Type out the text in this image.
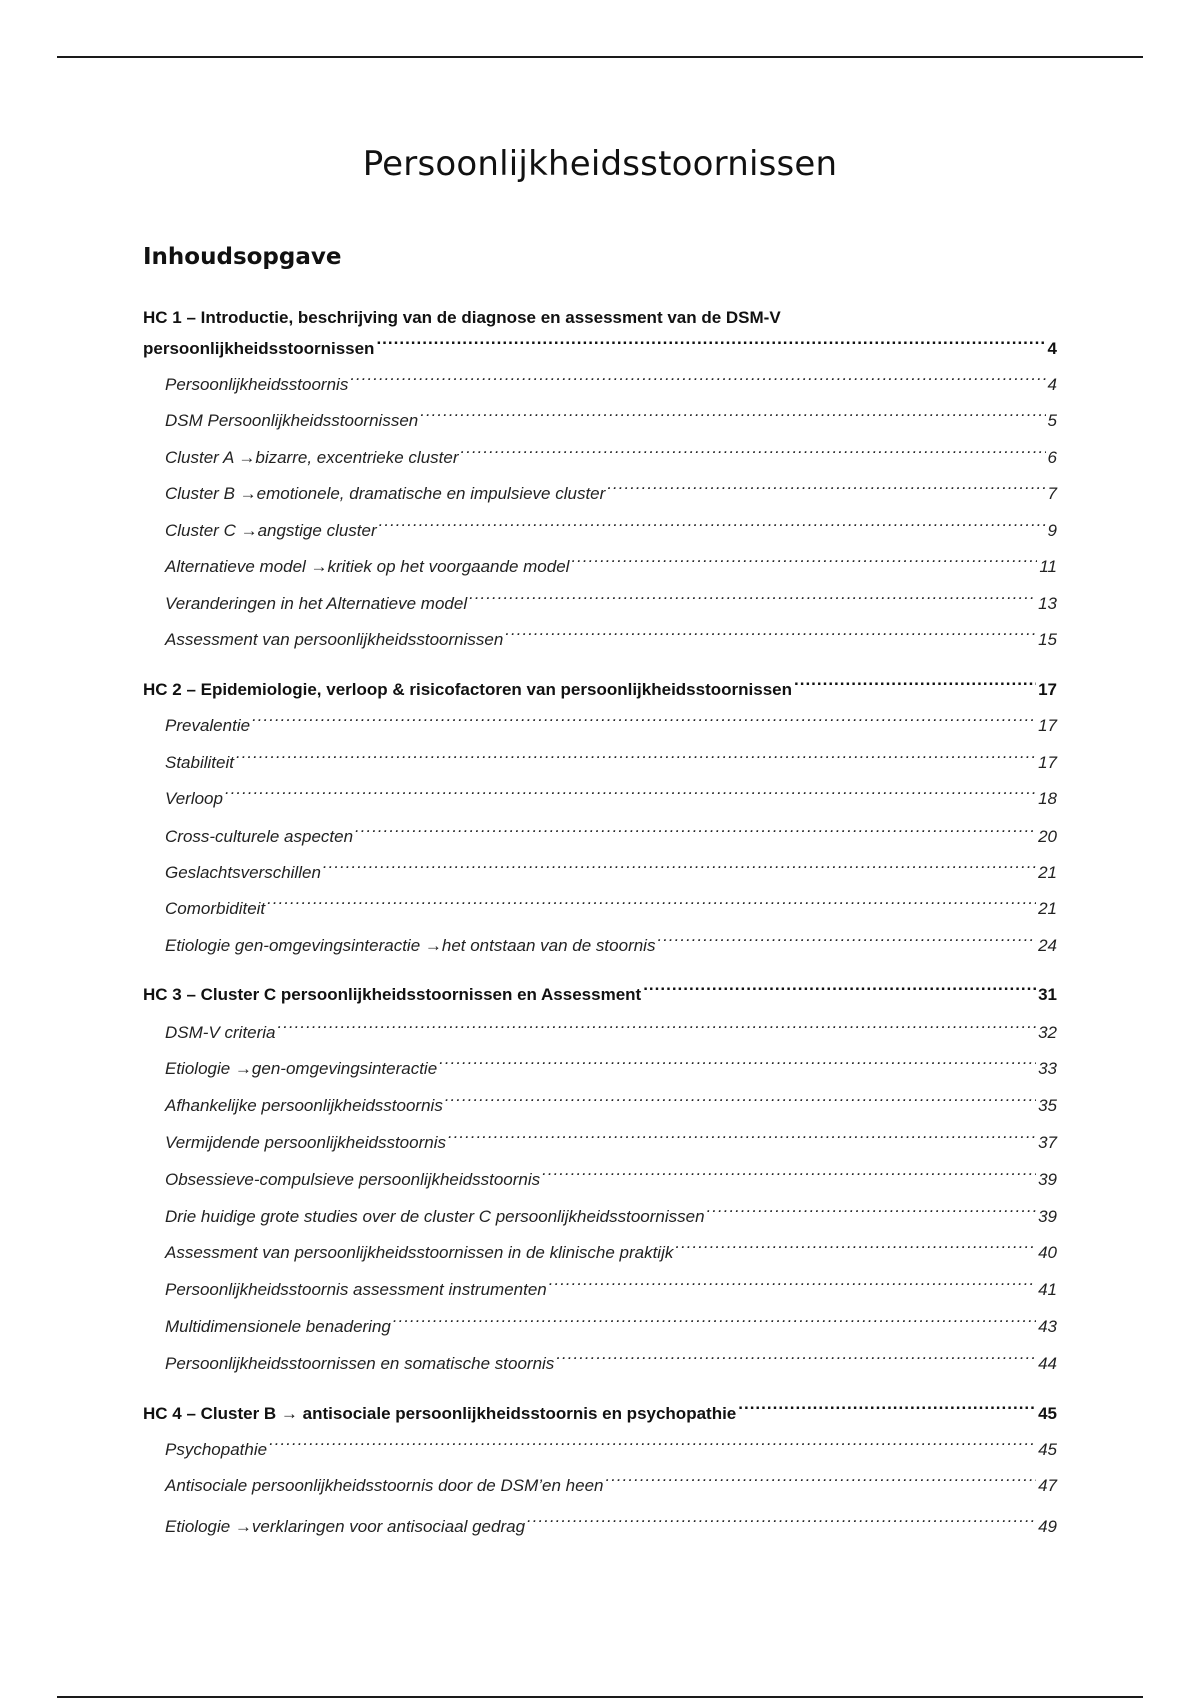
Persoonlijkheidsstoornissen
Inhoudsopgave
HC 1 – Introductie, beschrijving van de diagnose en assessment van de DSM-V
persoonlijkheidsstoornissen .....	4
Persoonlijkheidsstoornis .....	4
DSM Persoonlijkheidsstoornissen .....	5
Cluster A →bizarre, excentrieke cluster .....	6
Cluster B →emotionele, dramatische en impulsieve cluster .....	7
Cluster C →angstige cluster .....	9
Alternatieve model →kritiek op het voorgaande model .....	11
Veranderingen in het Alternatieve model .....	13
Assessment van persoonlijkheidsstoornissen .....	15
HC 2 – Epidemiologie, verloop & risicofactoren van persoonlijkheidsstoornissen .....	17
Prevalentie .....	17
Stabiliteit .....	17
Verloop .....	18
Cross-culturele aspecten .....	20
Geslachtsverschillen .....	21
Comorbiditeit .....	21
Etiologie gen-omgevingsinteractie →het ontstaan van de stoornis .....	24
HC 3 – Cluster C persoonlijkheidsstoornissen en Assessment .....	31
DSM-V criteria .....	32
Etiologie →gen-omgevingsinteractie .....	33
Afhankelijke persoonlijkheidsstoornis .....	35
Vermijdende persoonlijkheidsstoornis .....	37
Obsessieve-compulsieve persoonlijkheidsstoornis .....	39
Drie huidige grote studies over de cluster C persoonlijkheidsstoornissen .....	39
Assessment van persoonlijkheidsstoornissen in de klinische praktijk .....	40
Persoonlijkheidsstoornis assessment instrumenten .....	41
Multidimensionele benadering .....	43
Persoonlijkheidsstoornissen en somatische stoornis .....	44
HC 4 – Cluster B → antisociale persoonlijkheidsstoornis en psychopathie .....	45
Psychopathie .....	45
Antisociale persoonlijkheidsstoornis door de DSM’en heen .....	47
Etiologie →verklaringen voor antisociaal gedrag .....	49
